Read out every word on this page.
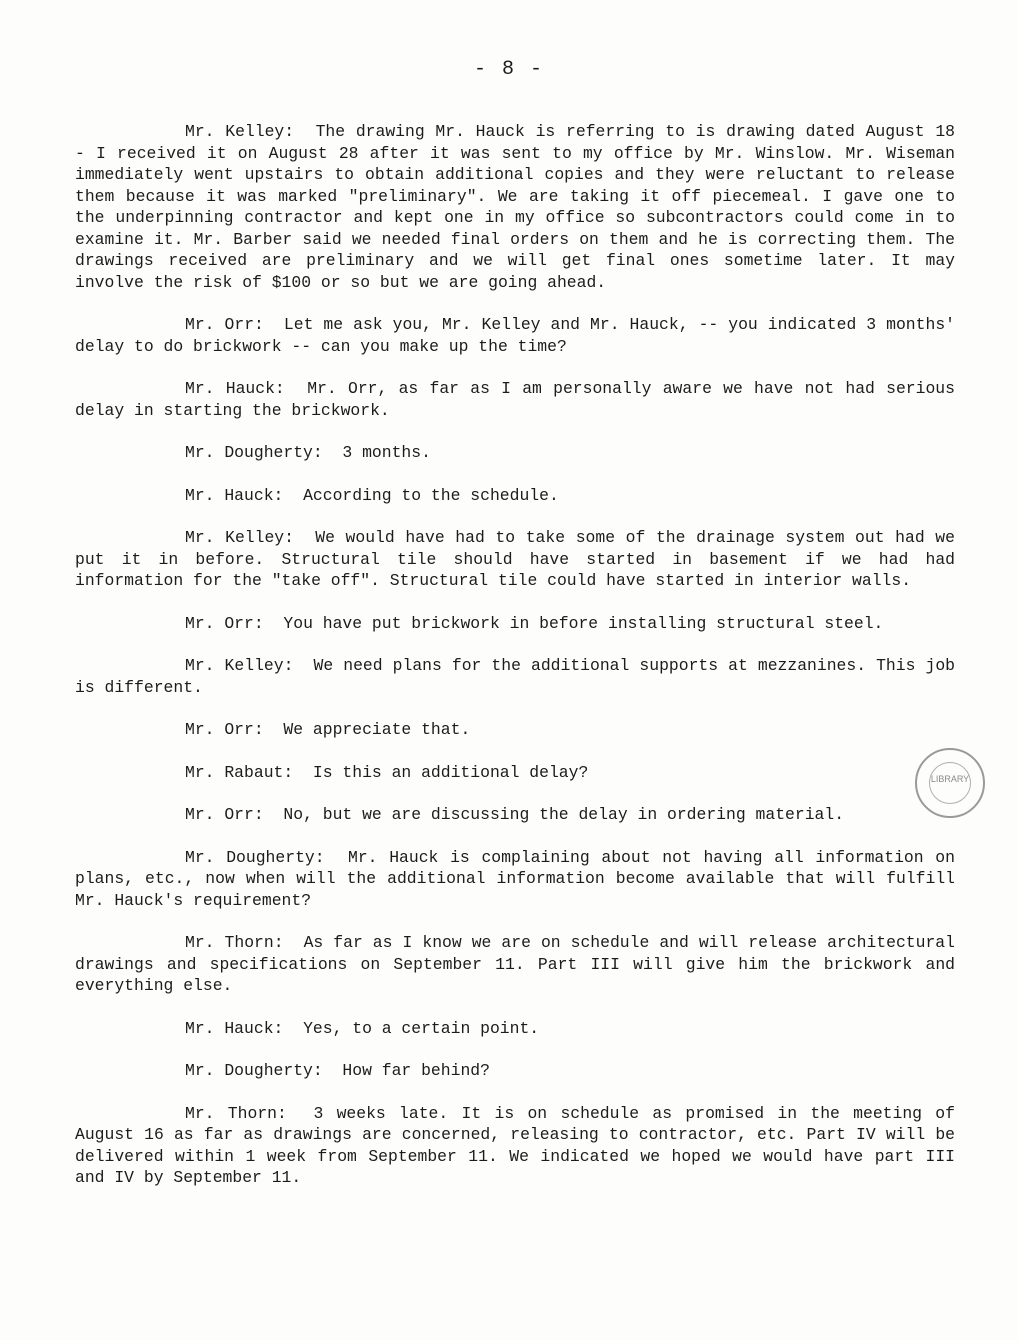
- 8 -

Mr. Kelley: The drawing Mr. Hauck is referring to is drawing dated August 18 - I received it on August 28 after it was sent to my office by Mr. Winslow. Mr. Wiseman immediately went upstairs to obtain additional copies and they were reluctant to release them because it was marked "preliminary". We are taking it off piecemeal. I gave one to the underpinning contractor and kept one in my office so subcontractors could come in to examine it. Mr. Barber said we needed final orders on them and he is correcting them. The drawings received are preliminary and we will get final ones sometime later. It may involve the risk of $100 or so but we are going ahead.

Mr. Orr: Let me ask you, Mr. Kelley and Mr. Hauck, -- you indicated 3 months' delay to do brickwork -- can you make up the time?

Mr. Hauck: Mr. Orr, as far as I am personally aware we have not had serious delay in starting the brickwork.

Mr. Dougherty: 3 months.

Mr. Hauck: According to the schedule.

Mr. Kelley: We would have had to take some of the drainage system out had we put it in before. Structural tile should have started in basement if we had had information for the "take off". Structural tile could have started in interior walls.

Mr. Orr: You have put brickwork in before installing structural steel.

Mr. Kelley: We need plans for the additional supports at mezzanines. This job is different.

Mr. Orr: We appreciate that.

Mr. Rabaut: Is this an additional delay?

Mr. Orr: No, but we are discussing the delay in ordering material.

Mr. Dougherty: Mr. Hauck is complaining about not having all information on plans, etc., now when will the additional information become available that will fulfill Mr. Hauck's requirement?

Mr. Thorn: As far as I know we are on schedule and will release architectural drawings and specifications on September 11. Part III will give him the brickwork and everything else.

Mr. Hauck: Yes, to a certain point.

Mr. Dougherty: How far behind?

Mr. Thorn: 3 weeks late. It is on schedule as promised in the meeting of August 16 as far as drawings are concerned, releasing to contractor, etc. Part IV will be delivered within 1 week from September 11. We indicated we hoped we would have part III and IV by September 11.

LIBRARY
